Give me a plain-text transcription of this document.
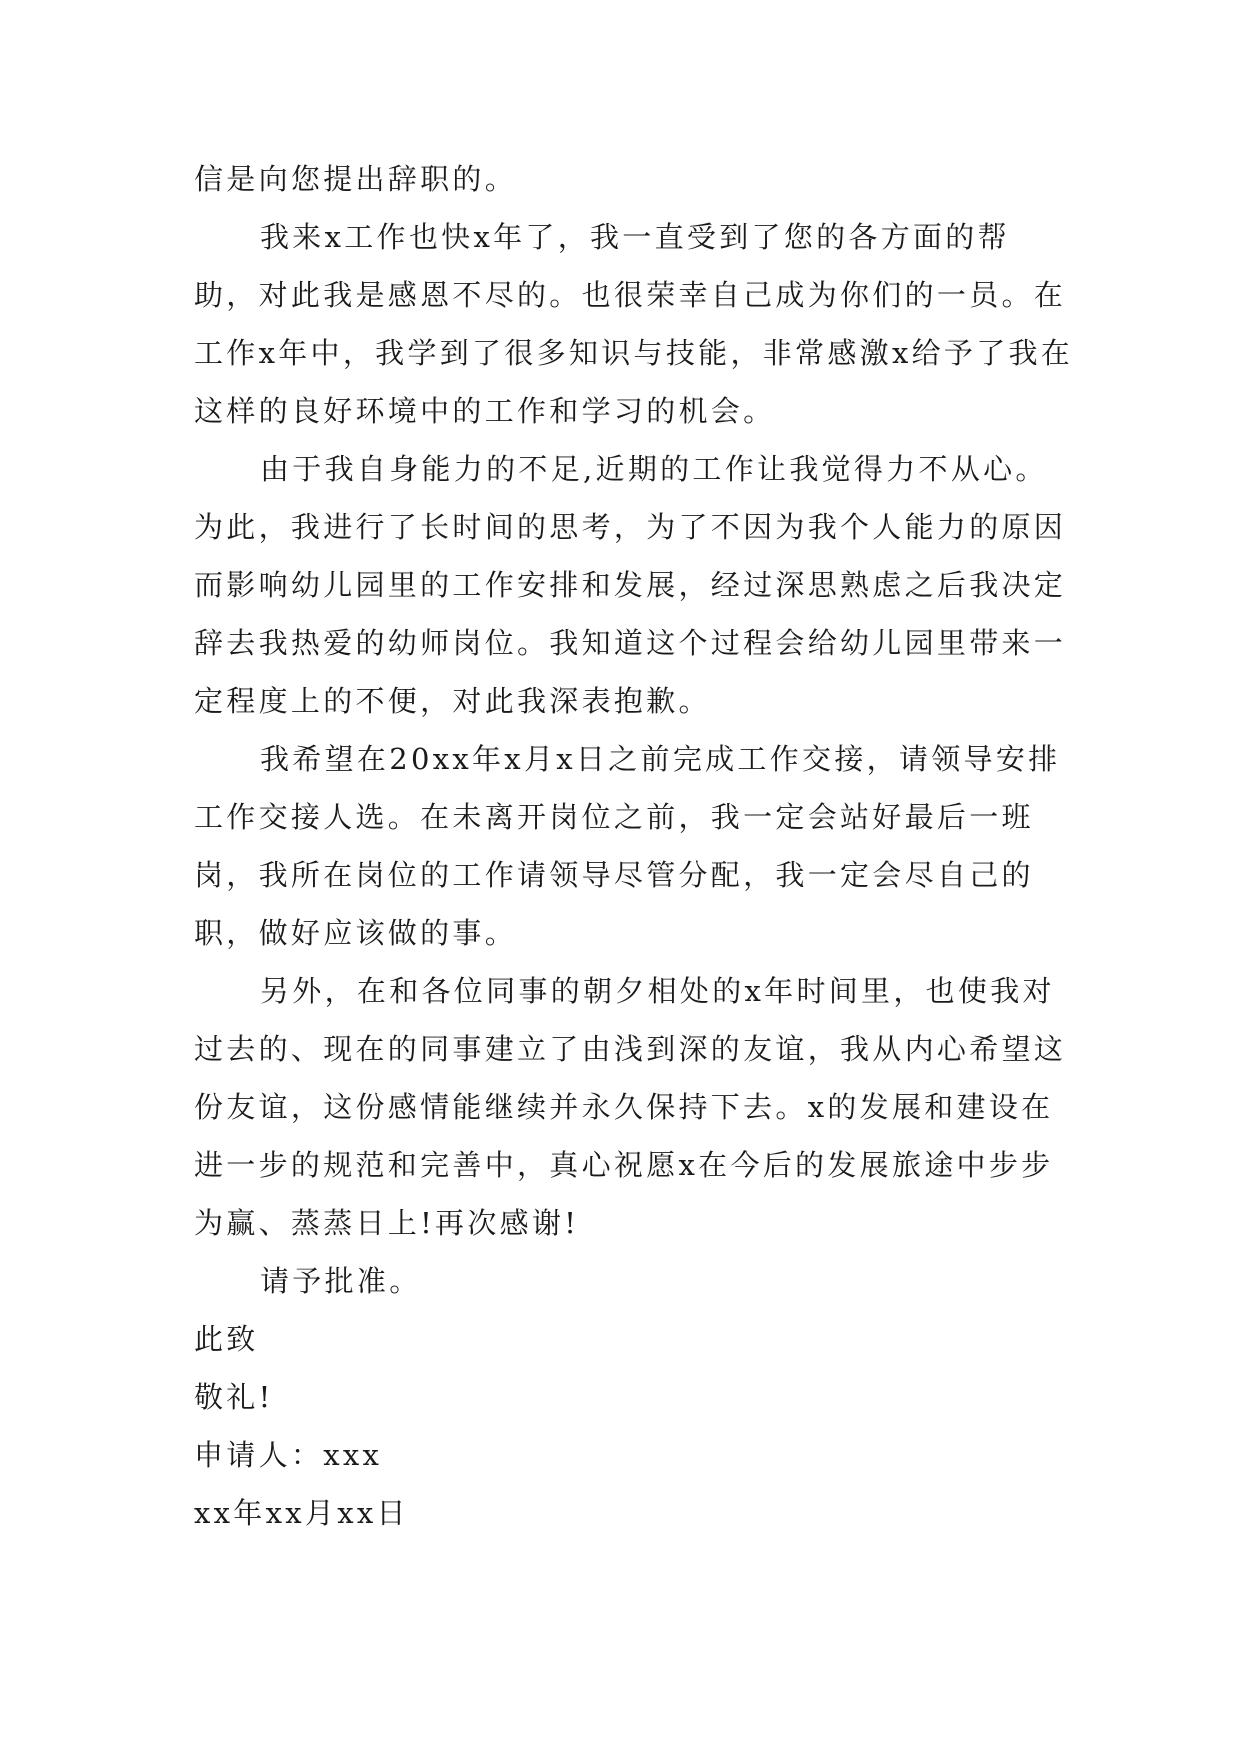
信是向您提出辞职的。

我来x工作也快x年了，我一直受到了您的各方面的帮助，对此我是感恩不尽的。也很荣幸自己成为你们的一员。在工作x年中，我学到了很多知识与技能，非常感激x给予了我在这样的良好环境中的工作和学习的机会。

由于我自身能力的不足,近期的工作让我觉得力不从心。为此，我进行了长时间的思考，为了不因为我个人能力的原因而影响幼儿园里的工作安排和发展，经过深思熟虑之后我决定辞去我热爱的幼师岗位。我知道这个过程会给幼儿园里带来一定程度上的不便，对此我深表抱歉。

我希望在20xx年x月x日之前完成工作交接，请领导安排工作交接人选。在未离开岗位之前，我一定会站好最后一班岗，我所在岗位的工作请领导尽管分配，我一定会尽自己的职，做好应该做的事。

另外，在和各位同事的朝夕相处的x年时间里，也使我对过去的、现在的同事建立了由浅到深的友谊，我从内心希望这份友谊，这份感情能继续并永久保持下去。x的发展和建设在进一步的规范和完善中，真心祝愿x在今后的发展旅途中步步为赢、蒸蒸日上!再次感谢!

请予批准。

此致

敬礼!

申请人：xxx

xx年xx月xx日
